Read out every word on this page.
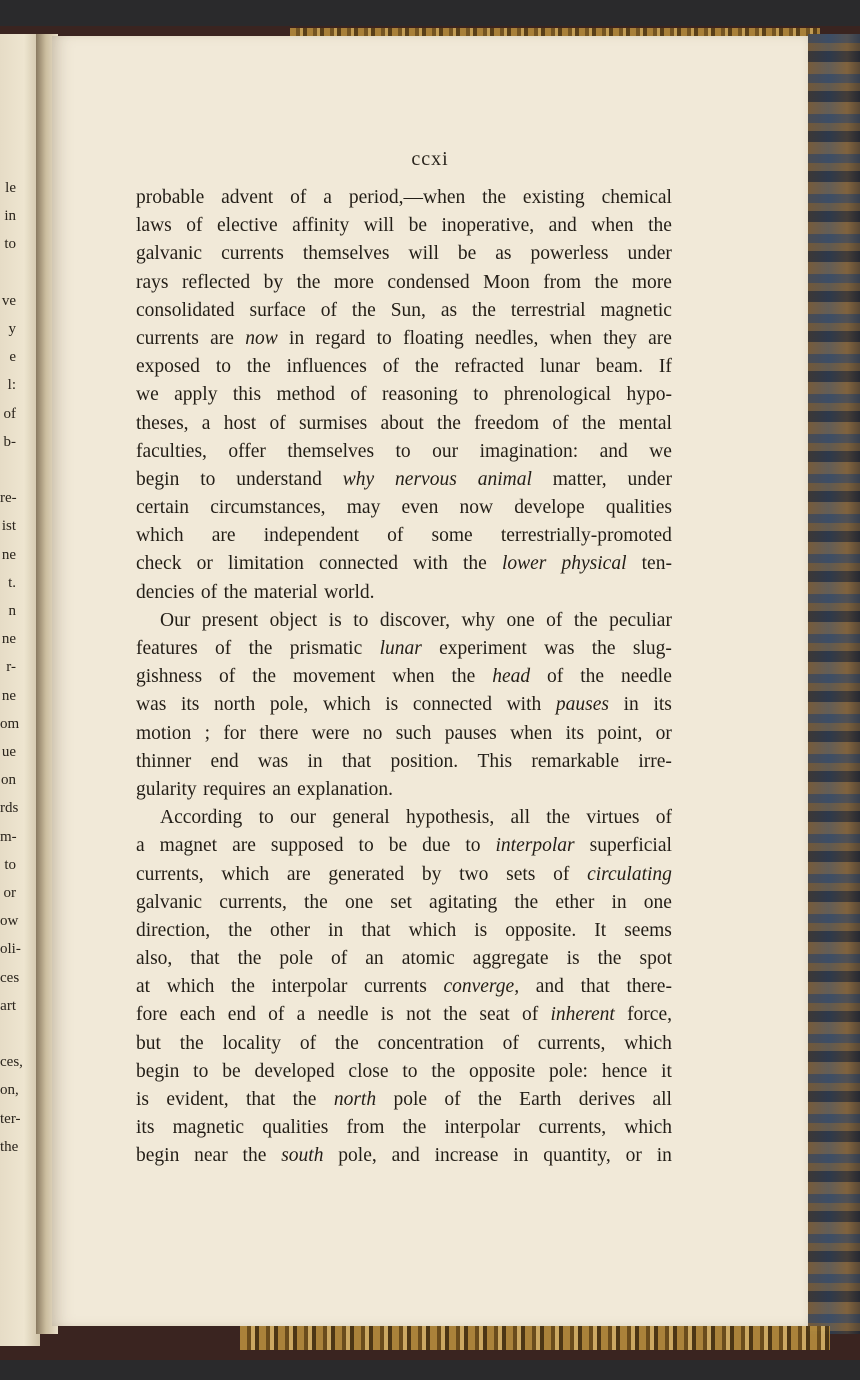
ccxi
probable advent of a period,—when the existing chemical
laws of elective affinity will be inoperative, and when the
galvanic currents themselves will be as powerless under
rays reflected by the more condensed Moon from the more
consolidated surface of the Sun, as the terrestrial magnetic
currents are now in regard to floating needles, when they are
exposed to the influences of the refracted lunar beam. If
we apply this method of reasoning to phrenological hypo-
theses, a host of surmises about the freedom of the mental
faculties, offer themselves to our imagination: and we
begin to understand why nervous animal matter, under
certain circumstances, may even now develope qualities
which are independent of some terrestrially-promoted
check or limitation connected with the lower physical ten-
dencies of the material world.
Our present object is to discover, why one of the peculiar
features of the prismatic lunar experiment was the slug-
gishness of the movement when the head of the needle
was its north pole, which is connected with pauses in its
motion ; for there were no such pauses when its point, or
thinner end was in that position. This remarkable irre-
gularity requires an explanation.
According to our general hypothesis, all the virtues of
a magnet are supposed to be due to interpolar superficial
currents, which are generated by two sets of circulating
galvanic currents, the one set agitating the ether in one
direction, the other in that which is opposite. It seems
also, that the pole of an atomic aggregate is the spot
at which the interpolar currents converge, and that there-
fore each end of a needle is not the seat of inherent force,
but the locality of the concentration of currents, which
begin to be developed close to the opposite pole: hence it
is evident, that the north pole of the Earth derives all
its magnetic qualities from the interpolar currents, which
begin near the south pole, and increase in quantity, or in
le
in
to
ve
y
e
l:
of
b-
re-
ist
ne
t.
n
ne
r-
ne
om
ue
on
rds
m-
to
or
ow
oli-
ces
art
ces,
on,
ter-
the
